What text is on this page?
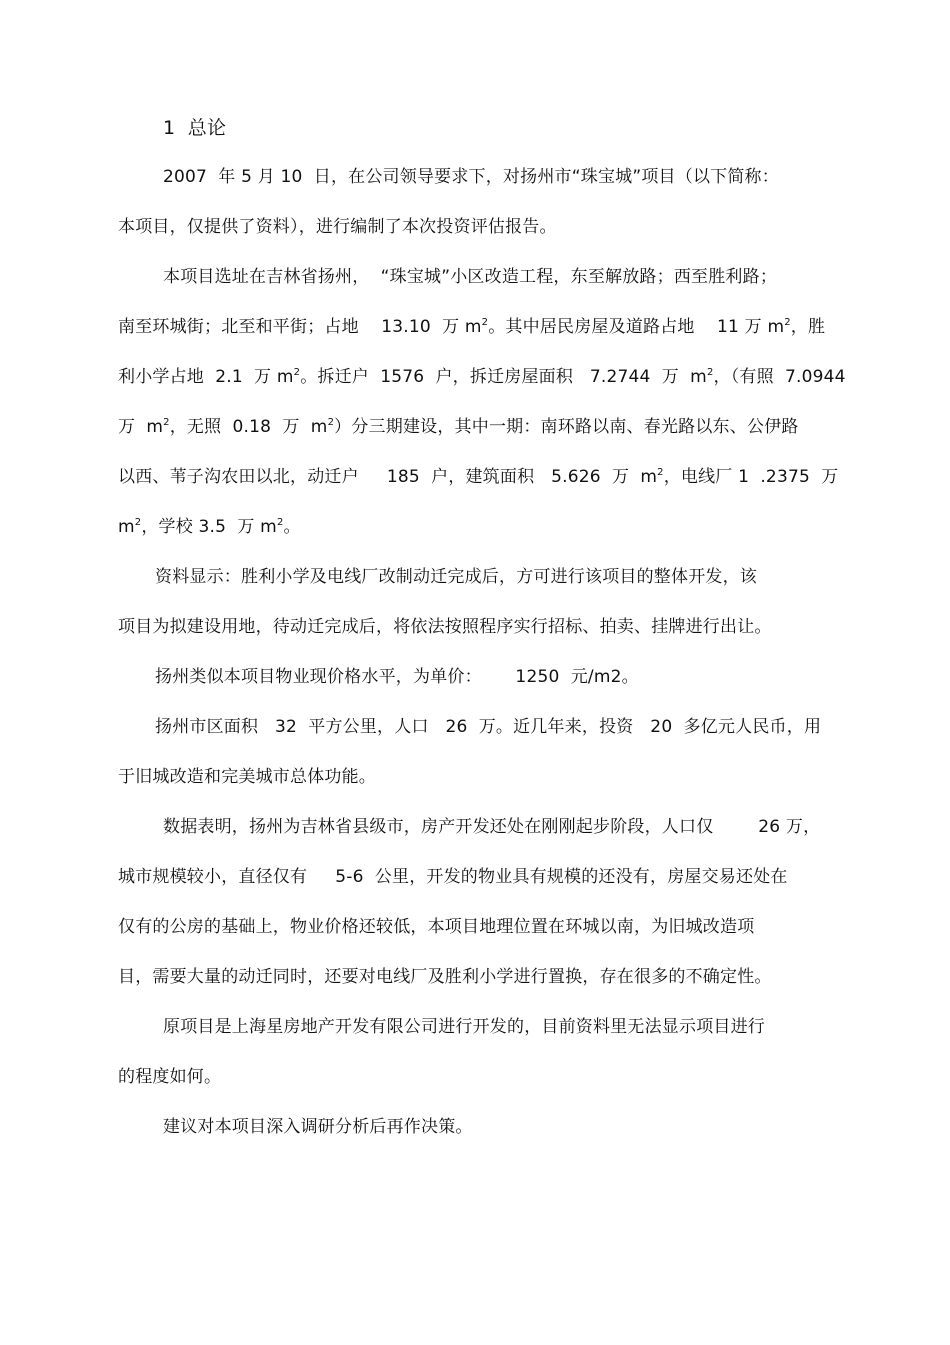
1  总论
2007  年 5 月 10  日，在公司领导要求下，对扬州市“珠宝城”项目（以下简称：
本项目，仅提供了资料），进行编制了本次投资评估报告。
本项目选址在吉林省扬州，  “珠宝城”小区改造工程，东至解放路；西至胜利路；
南至环城街；北至和平街；占地    13.10  万 $m^2$。其中居民房屋及道路占地    11 万 $m^2$，胜
利小学占地  2.1  万 $m^2$。拆迁户  1576  户，拆迁房屋面积   7.2744  万  $m^2$，（有照  7.0944
万  $m^2$，无照  0.18  万  $m^2$）分三期建设，其中一期：南环路以南、春光路以东、公伊路
以西、苇子沟农田以北，动迁户     185  户，建筑面积   5.626  万  $m^2$，电线厂 1  .2375  万
$m^2$，学校 3.5  万 $m^2$。
资料显示：胜利小学及电线厂改制动迁完成后，方可进行该项目的整体开发，该
项目为拟建设用地，待动迁完成后，将依法按照程序实行招标、拍卖、挂牌进行出让。
扬州类似本项目物业现价格水平，为单价：      1250  元/m2。
扬州市区面积   32  平方公里，人口   26  万。近几年来，投资   20  多亿元人民币，用
于旧城改造和完美城市总体功能。
数据表明，扬州为吉林省县级市，房产开发还处在刚刚起步阶段，人口仅        26 万，
城市规模较小，直径仅有     5-6  公里，开发的物业具有规模的还没有，房屋交易还处在
仅有的公房的基础上，物业价格还较低，本项目地理位置在环城以南，为旧城改造项
目，需要大量的动迁同时，还要对电线厂及胜利小学进行置换，存在很多的不确定性。
原项目是上海星房地产开发有限公司进行开发的，目前资料里无法显示项目进行
的程度如何。
建议对本项目深入调研分析后再作决策。
